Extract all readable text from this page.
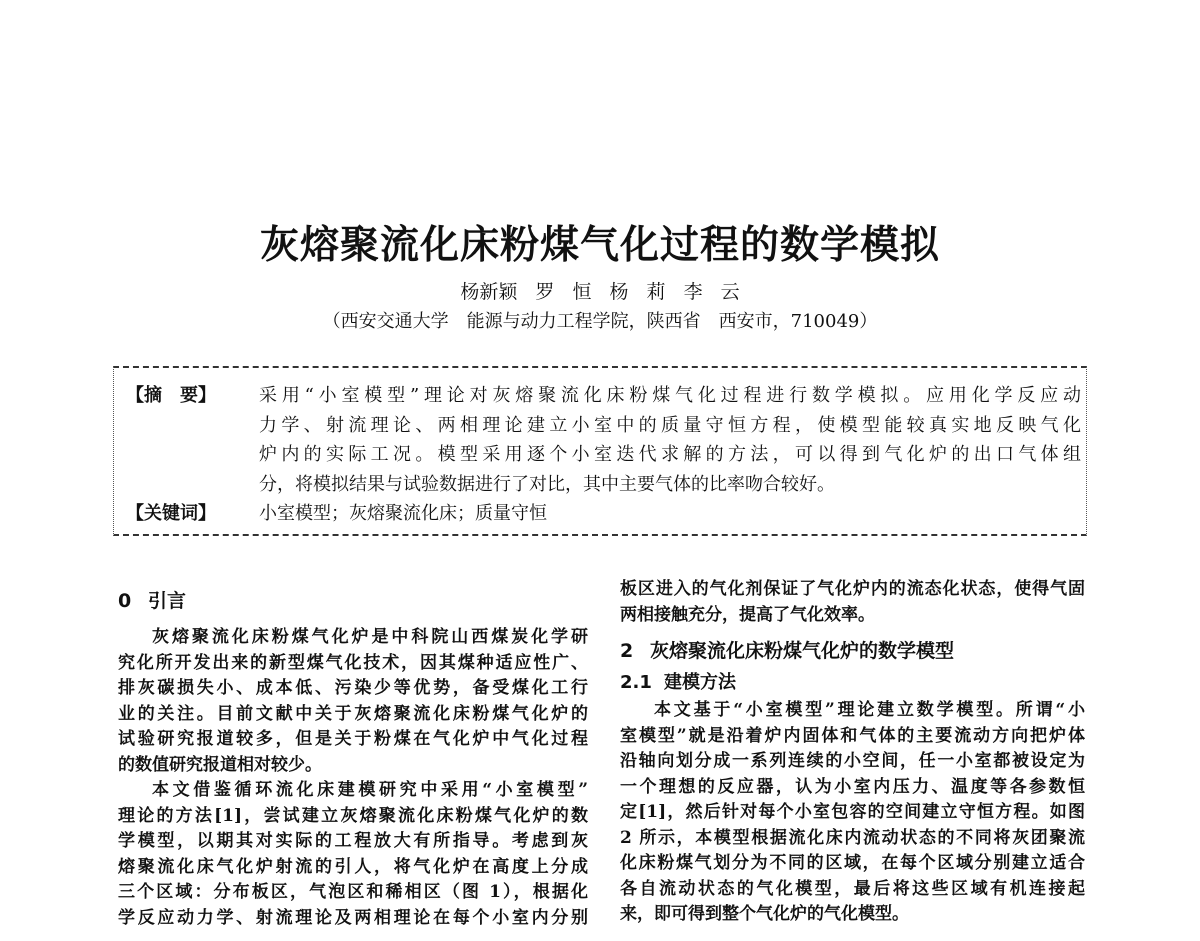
灰熔聚流化床粉煤气化过程的数学模拟
杨新颖 罗 恒 杨 莉 李 云
（西安交通大学　能源与动力工程学院，陕西省　西安市，710049）
【摘　要】 采用“小室模型”理论对灰熔聚流化床粉煤气化过程进行数学模拟。应用化学反应动
力学、射流理论、两相理论建立小室中的质量守恒方程，使模型能较真实地反映气化
炉内的实际工况。模型采用逐个小室迭代求解的方法，可以得到气化炉的出口气体组
分，将模拟结果与试验数据进行了对比，其中主要气体的比率吻合较好。
【关键词】 小室模型；灰熔聚流化床；质量守恒
0 引言
灰熔聚流化床粉煤气化炉是中科院山西煤炭化学研
究化所开发出来的新型煤气化技术，因其煤种适应性广、
排灰碳损失小、成本低、污染少等优势，备受煤化工行
业的关注。目前文献中关于灰熔聚流化床粉煤气化炉的
试验研究报道较多，但是关于粉煤在气化炉中气化过程
的数值研究报道相对较少。
本文借鉴循环流化床建模研究中采用“小室模型”
理论的方法[1]，尝试建立灰熔聚流化床粉煤气化炉的数
学模型，以期其对实际的工程放大有所指导。考虑到灰
熔聚流化床气化炉射流的引人，将气化炉在高度上分成
三个区域：分布板区，气泡区和稀相区（图 1），根据化
学反应动力学、射流理论及两相理论在每个小室内分别
板区进入的气化剂保证了气化炉内的流态化状态，使得气固
两相接触充分，提高了气化效率。
2 灰熔聚流化床粉煤气化炉的数学模型
2.1 建模方法
本文基于“小室模型”理论建立数学模型。所谓“小
室模型”就是沿着炉内固体和气体的主要流动方向把炉体
沿轴向划分成一系列连续的小空间，任一小室都被设定为
一个理想的反应器，认为小室内压力、温度等各参数恒
定[1]，然后针对每个小室包容的空间建立守恒方程。如图
2 所示，本模型根据流化床内流动状态的不同将灰团聚流
化床粉煤气划分为不同的区域，在每个区域分别建立适合
各自流动状态的气化模型，最后将这些区域有机连接起
来，即可得到整个气化炉的气化模型。
